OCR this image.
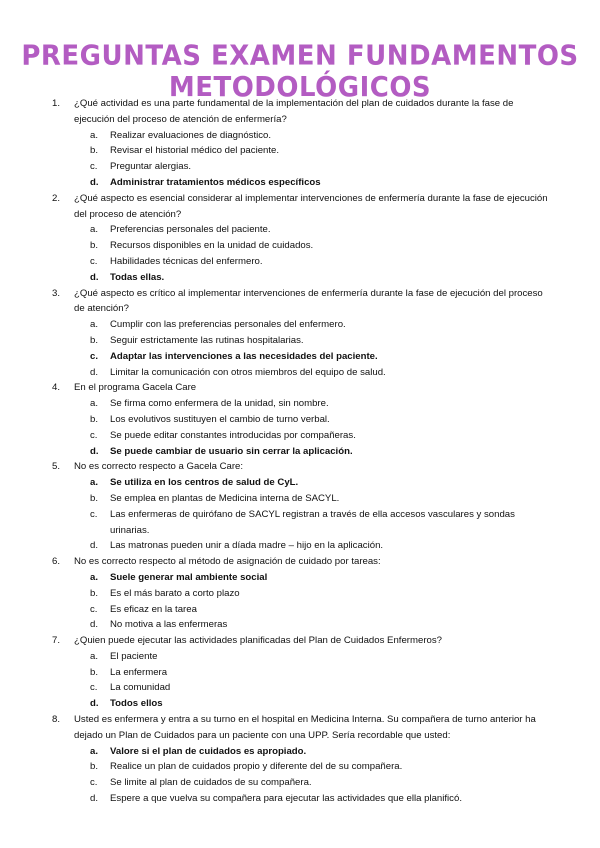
PREGUNTAS EXAMEN FUNDAMENTOS METODOLÓGICOS
1.	¿Qué actividad es una parte fundamental de la implementación del plan de cuidados durante la fase de ejecución del proceso de atención de enfermería?
a.	Realizar evaluaciones de diagnóstico.
b.	Revisar el historial médico del paciente.
c.	Preguntar alergias.
d.	Administrar tratamientos médicos específicos
2.	¿Qué aspecto es esencial considerar al implementar intervenciones de enfermería durante la fase de ejecución del proceso de atención?
a.	Preferencias personales del paciente.
b.	Recursos disponibles en la unidad de cuidados.
c.	Habilidades técnicas del enfermero.
d.	Todas ellas.
3.	¿Qué aspecto es crítico al implementar intervenciones de enfermería durante la fase de ejecución del proceso de atención?
a.	Cumplir con las preferencias personales del enfermero.
b.	Seguir estrictamente las rutinas hospitalarias.
c.	Adaptar las intervenciones a las necesidades del paciente.
d.	Limitar la comunicación con otros miembros del equipo de salud.
4.	En el programa Gacela Care
a.	Se firma como enfermera de la unidad, sin nombre.
b.	Los evolutivos sustituyen el cambio de turno verbal.
c.	Se puede editar constantes introducidas por compañeras.
d.	Se puede cambiar de usuario sin cerrar la aplicación.
5.	No es correcto respecto a Gacela Care:
a.	Se utiliza en los centros de salud de CyL.
b.	Se emplea en plantas de Medicina interna de SACYL.
c.	Las enfermeras de quirófano de SACYL registran a través de ella accesos vasculares y sondas urinarias.
d.	Las matronas pueden unir a díada madre – hijo en la aplicación.
6.	No es correcto respecto al método de asignación de cuidado por tareas:
a.	Suele generar mal ambiente social
b.	Es el más barato a corto plazo
c.	Es eficaz en la tarea
d.	No motiva a las enfermeras
7.	¿Quien puede ejecutar las actividades planificadas del Plan de Cuidados Enfermeros?
a.	El paciente
b.	La enfermera
c.	La comunidad
d.	Todos ellos
8.	Usted es enfermera y entra a su turno en el hospital en Medicina Interna. Su compañera de turno anterior ha dejado un Plan de Cuidados para un paciente con una UPP. Sería recordable que usted:
a.	Valore si el plan de cuidados es apropiado.
b.	Realice un plan de cuidados propio y diferente del de su compañera.
c.	Se limite al plan de cuidados de su compañera.
d.	Espere a que vuelva su compañera para ejecutar las actividades que ella planificó.
